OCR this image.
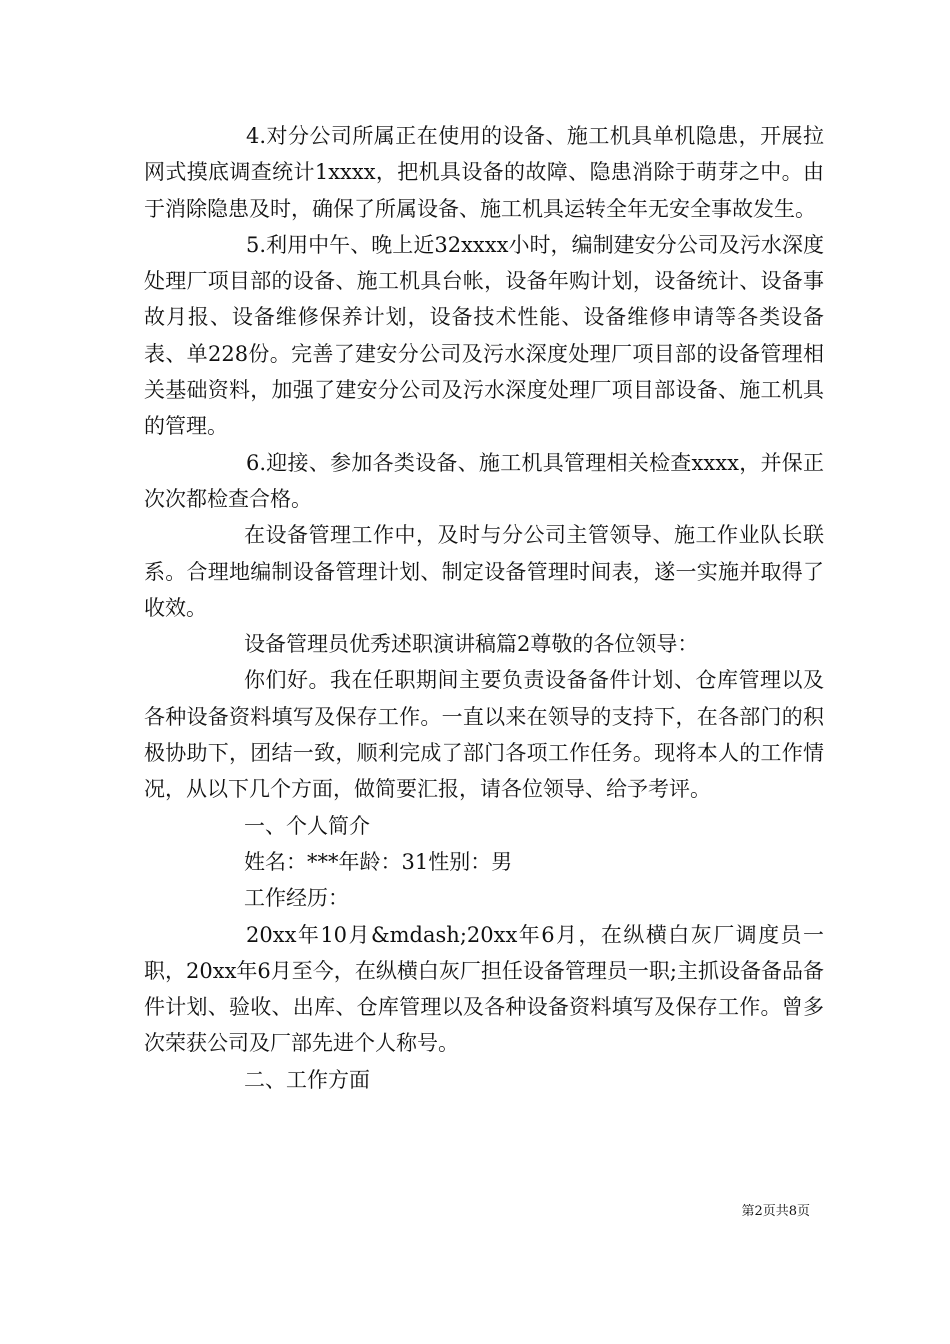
4.对分公司所属正在使用的设备、施工机具单机隐患，开展拉网式摸底调查统计1xxxx，把机具设备的故障、隐患消除于萌芽之中。由于消除隐患及时，确保了所属设备、施工机具运转全年无安全事故发生。

5.利用中午、晚上近32xxxx小时，编制建安分公司及污水深度处理厂项目部的设备、施工机具台帐，设备年购计划，设备统计、设备事故月报、设备维修保养计划，设备技术性能、设备维修申请等各类设备表、单228份。完善了建安分公司及污水深度处理厂项目部的设备管理相关基础资料，加强了建安分公司及污水深度处理厂项目部设备、施工机具的管理。

6.迎接、参加各类设备、施工机具管理相关检查xxxx，并保正次次都检查合格。

在设备管理工作中，及时与分公司主管领导、施工作业队长联系。合理地编制设备管理计划、制定设备管理时间表，遂一实施并取得了收效。

设备管理员优秀述职演讲稿篇2尊敬的各位领导：

你们好。我在任职期间主要负责设备备件计划、仓库管理以及各种设备资料填写及保存工作。一直以来在领导的支持下，在各部门的积极协助下，团结一致，顺利完成了部门各项工作任务。现将本人的工作情况，从以下几个方面，做简要汇报，请各位领导、给予考评。

一、个人简介

姓名：***年龄：31性别：男

工作经历：

20xx年10月&mdash;20xx年6月，在纵横白灰厂调度员一职，20xx年6月至今，在纵横白灰厂担任设备管理员一职;主抓设备备品备件计划、验收、出库、仓库管理以及各种设备资料填写及保存工作。曾多次荣获公司及厂部先进个人称号。

二、工作方面

第2页共8页
